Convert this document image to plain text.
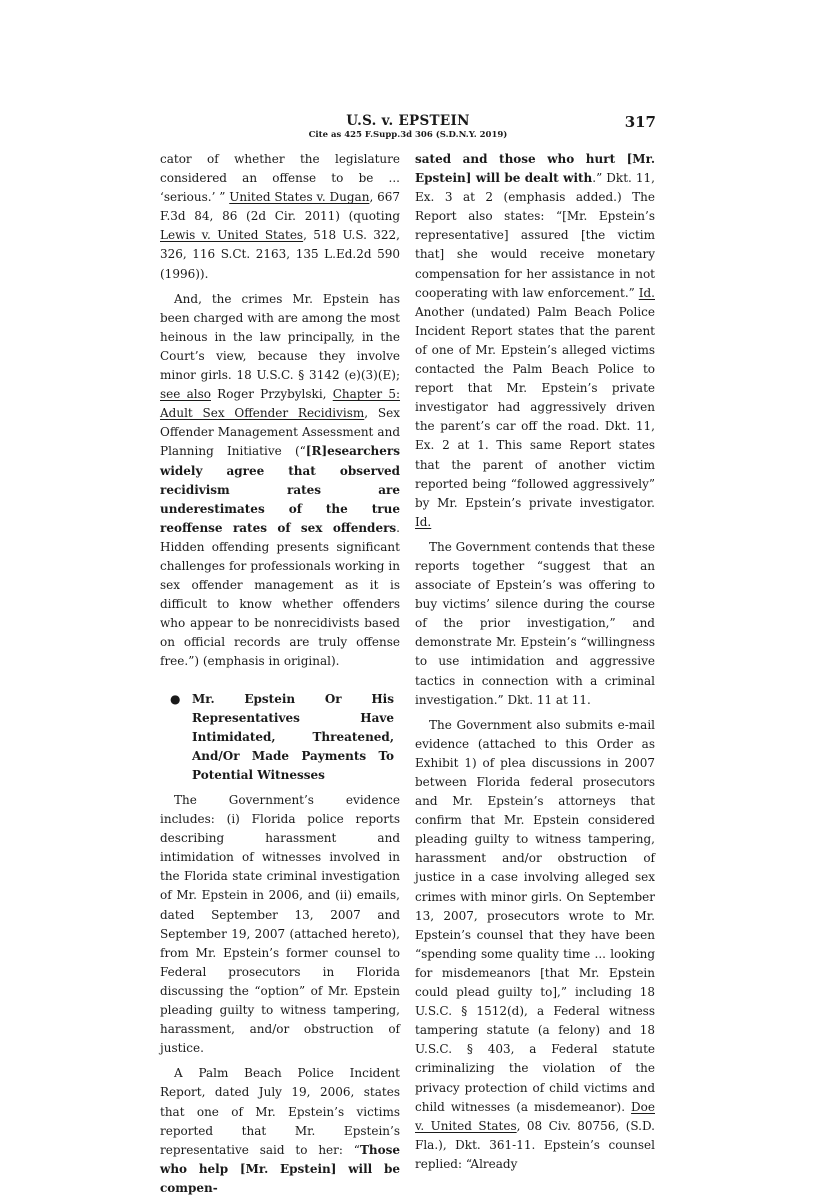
U.S. v. EPSTEIN
Cite as 425 F.Supp.3d 306 (S.D.N.Y. 2019)
317

cator of whether the legislature considered an offense to be ... ‘serious.’ ” United States v. Dugan, 667 F.3d 84, 86 (2d Cir. 2011) (quoting Lewis v. United States, 518 U.S. 322, 326, 116 S.Ct. 2163, 135 L.Ed.2d 590 (1996)).

And, the crimes Mr. Epstein has been charged with are among the most heinous in the law principally, in the Court’s view, because they involve minor girls. 18 U.S.C. § 3142 (e)(3)(E); see also Roger Przybylski, Chapter 5: Adult Sex Offender Recidivism, Sex Offender Management Assessment and Planning Initiative (“[R]esearchers widely agree that observed recidivism rates are underestimates of the true reoffense rates of sex offenders. Hidden offending presents significant challenges for professionals working in sex offender management as it is difficult to know whether offenders who appear to be nonrecidivists based on official records are truly offense free.”) (emphasis in original).

● Mr. Epstein Or His Representatives Have Intimidated, Threatened, And/Or Made Payments To Potential Witnesses

The Government’s evidence includes: (i) Florida police reports describing harassment and intimidation of witnesses involved in the Florida state criminal investigation of Mr. Epstein in 2006, and (ii) emails, dated September 13, 2007 and September 19, 2007 (attached hereto), from Mr. Epstein’s former counsel to Federal prosecutors in Florida discussing the “option” of Mr. Epstein pleading guilty to witness tampering, harassment, and/or obstruction of justice.

A Palm Beach Police Incident Report, dated July 19, 2006, states that one of Mr. Epstein’s victims reported that Mr. Epstein’s representative said to her: “Those who help [Mr. Epstein] will be compen-

sated and those who hurt [Mr. Epstein] will be dealt with.” Dkt. 11, Ex. 3 at 2 (emphasis added.) The Report also states: “[Mr. Epstein’s representative] assured [the victim that] she would receive monetary compensation for her assistance in not cooperating with law enforcement.” Id. Another (undated) Palm Beach Police Incident Report states that the parent of one of Mr. Epstein’s alleged victims contacted the Palm Beach Police to report that Mr. Epstein’s private investigator had aggressively driven the parent’s car off the road. Dkt. 11, Ex. 2 at 1. This same Report states that the parent of another victim reported being “followed aggressively” by Mr. Epstein’s private investigator. Id.

The Government contends that these reports together “suggest that an associate of Epstein’s was offering to buy victims’ silence during the course of the prior investigation,” and demonstrate Mr. Epstein’s “willingness to use intimidation and aggressive tactics in connection with a criminal investigation.” Dkt. 11 at 11.

The Government also submits e-mail evidence (attached to this Order as Exhibit 1) of plea discussions in 2007 between Florida federal prosecutors and Mr. Epstein’s attorneys that confirm that Mr. Epstein considered pleading guilty to witness tampering, harassment and/or obstruction of justice in a case involving alleged sex crimes with minor girls. On September 13, 2007, prosecutors wrote to Mr. Epstein’s counsel that they have been “spending some quality time ... looking for misdemeanors [that Mr. Epstein could plead guilty to],” including 18 U.S.C. § 1512(d), a Federal witness tampering statute (a felony) and 18 U.S.C. § 403, a Federal statute criminalizing the violation of the privacy protection of child victims and child witnesses (a misdemeanor). Doe v. United States, 08 Civ. 80756, (S.D. Fla.), Dkt. 361-11. Epstein’s counsel replied: “Already
